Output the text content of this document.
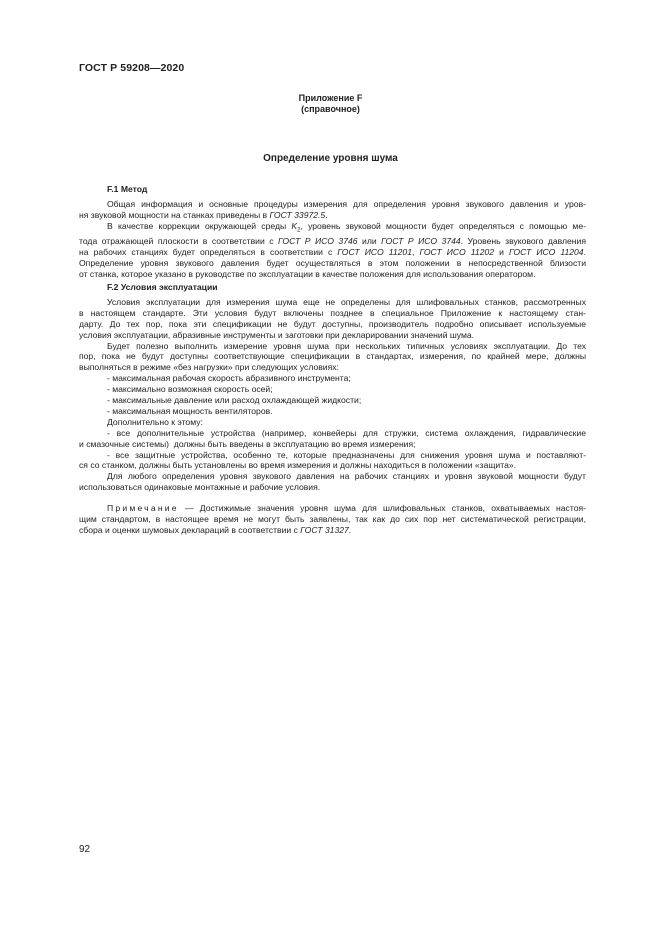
ГОСТ Р 59208—2020
Приложение F
(справочное)
Определение уровня шума
F.1 Метод
Общая информация и основные процедуры измерения для определения уровня звукового давления и уров-
ня звуковой мощности на станках приведены в ГОСТ 33972.5.
В качестве коррекции окружающей среды $K_2$, уровень звуковой мощности будет определяться с помощью ме-
тода отражающей плоскости в соответствии с ГОСТ Р ИСО 3746 или ГОСТ Р ИСО 3744. Уровень звукового давления
на рабочих станциях будет определяться в соответствии с ГОСТ ИСО 11201, ГОСТ ИСО 11202 и ГОСТ ИСО 11204.
Определение уровня звукового давления будет осуществляться в этом положении в непосредственной близости
от станка, которое указано в руководстве по эксплуатации в качестве положения для использования оператором.
F.2 Условия эксплуатации
Условия эксплуатации для измерения шума еще не определены для шлифовальных станков, рассмотренных
в настоящем стандарте. Эти условия будут включены позднее в специальное Приложение к настоящему стан-
дарту. До тех пор, пока эти спецификации не будут доступны, производитель подробно описывает используемые
условия эксплуатации, абразивные инструменты и заготовки при декларировании значений шума.
Будет полезно выполнить измерение уровня шума при нескольких типичных условиях эксплуатации. До тех
пор, пока не будут доступны соответствующие спецификации в стандартах, измерения, по крайней мере, должны
выполняться в режиме «без нагрузки» при следующих условиях:
- максимальная рабочая скорость абразивного инструмента;
- максимально возможная скорость осей;
- максимальные давление или расход охлаждающей жидкости;
- максимальная мощность вентиляторов.
Дополнительно к этому:
- все дополнительные устройства (например, конвейеры для стружки, система охлаждения, гидравлические
и смазочные системы)  должны быть введены в эксплуатацию во время измерения;
- все защитные устройства, особенно те, которые предназначены для снижения уровня шума и поставляют-
ся со станком, должны быть установлены во время измерения и должны находиться в положении «защита».
Для любого определения уровня звукового давления на рабочих станциях и уровня звуковой мощности будут
использоваться одинаковые монтажные и рабочие условия.
Примечание — Достижимые значения уровня шума для шлифовальных станков, охватываемых настоя-
щим стандартом, в настоящее время не могут быть заявлены, так как до сих пор нет систематической регистрации,
сбора и оценки шумовых деклараций в соответствии с ГОСТ 31327.
92
